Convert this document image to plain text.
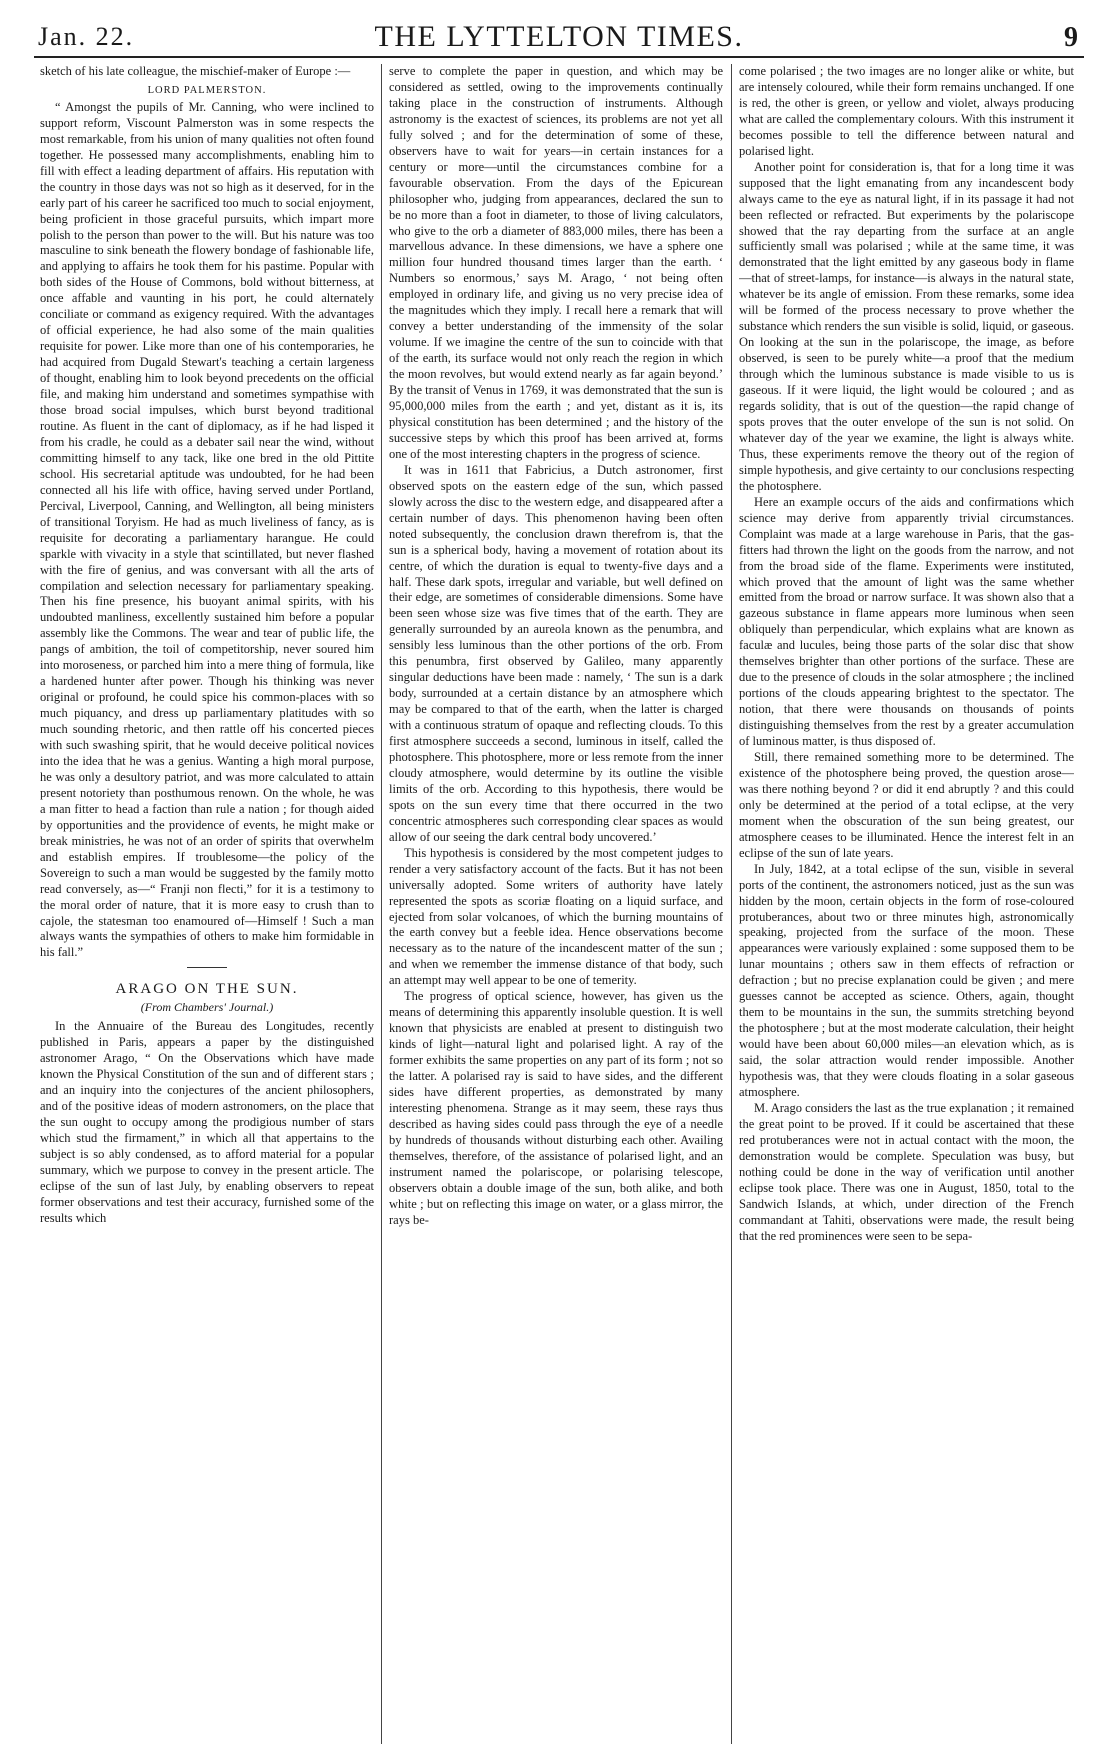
Jan. 22.	THE LYTTELTON TIMES.	9

sketch of his late colleague, the mischief-maker of Europe :—

LORD PALMERSTON.

“ Amongst the pupils of Mr. Canning, who were inclined to support reform, Viscount Palmerston was in some respects the most remarkable, from his union of many qualities not often found together. He possessed many accomplishments, enabling him to fill with effect a leading department of affairs. His reputation with the country in those days was not so high as it deserved, for in the early part of his career he sacrificed too much to social enjoyment, being proficient in those graceful pursuits, which impart more polish to the person than power to the will. But his nature was too masculine to sink beneath the flowery bondage of fashionable life, and applying to affairs he took them for his pastime. Popular with both sides of the House of Commons, bold without bitterness, at once affable and vaunting in his port, he could alternately conciliate or command as exigency required. With the advantages of official experience, he had also some of the main qualities requisite for power. Like more than one of his contemporaries, he had acquired from Dugald Stewart's teaching a certain largeness of thought, enabling him to look beyond precedents on the official file, and making him understand and sometimes sympathise with those broad social impulses, which burst beyond traditional routine. As fluent in the cant of diplomacy, as if he had lisped it from his cradle, he could as a debater sail near the wind, without committing himself to any tack, like one bred in the old Pittite school. His secretarial aptitude was undoubted, for he had been connected all his life with office, having served under Portland, Percival, Liverpool, Canning, and Wellington, all being ministers of transitional Toryism. He had as much liveliness of fancy, as is requisite for decorating a parliamentary harangue. He could sparkle with vivacity in a style that scintillated, but never flashed with the fire of genius, and was conversant with all the arts of compilation and selection necessary for parliamentary speaking. Then his fine presence, his buoyant animal spirits, with his undoubted manliness, excellently sustained him before a popular assembly like the Commons. The wear and tear of public life, the pangs of ambition, the toil of competitorship, never soured him into moroseness, or parched him into a mere thing of formula, like a hardened hunter after power. Though his thinking was never original or profound, he could spice his common-places with so much piquancy, and dress up parliamentary platitudes with so much sounding rhetoric, and then rattle off his concerted pieces with such swashing spirit, that he would deceive political novices into the idea that he was a genius. Wanting a high moral purpose, he was only a desultory patriot, and was more calculated to attain present notoriety than posthumous renown. On the whole, he was a man fitter to head a faction than rule a nation ; for though aided by opportunities and the providence of events, he might make or break ministries, he was not of an order of spirits that overwhelm and establish empires. If troublesome—the policy of the Sovereign to such a man would be suggested by the family motto read conversely, as—“ Franji non flecti,” for it is a testimony to the moral order of nature, that it is more easy to crush than to cajole, the statesman too enamoured of—Himself ! Such a man always wants the sympathies of others to make him formidable in his fall.”

ARAGO ON THE SUN.
(From Chambers' Journal.)

In the Annuaire of the Bureau des Longitudes, recently published in Paris, appears a paper by the distinguished astronomer Arago, “ On the Observations which have made known the Physical Constitution of the sun and of different stars ; and an inquiry into the conjectures of the ancient philosophers, and of the positive ideas of modern astronomers, on the place that the sun ought to occupy among the prodigious number of stars which stud the firmament,” in which all that appertains to the subject is so ably condensed, as to afford material for a popular summary, which we purpose to convey in the present article. The eclipse of the sun of last July, by enabling observers to repeat former observations and test their accuracy, furnished some of the results which

serve to complete the paper in question, and which may be considered as settled, owing to the improvements continually taking place in the construction of instruments. Although astronomy is the exactest of sciences, its problems are not yet all fully solved ; and for the determination of some of these, observers have to wait for years—in certain instances for a century or more—until the circumstances combine for a favourable observation. From the days of the Epicurean philosopher who, judging from appearances, declared the sun to be no more than a foot in diameter, to those of living calculators, who give to the orb a diameter of 883,000 miles, there has been a marvellous advance. In these dimensions, we have a sphere one million four hundred thousand times larger than the earth. ‘ Numbers so enormous,’ says M. Arago, ‘ not being often employed in ordinary life, and giving us no very precise idea of the magnitudes which they imply. I recall here a remark that will convey a better understanding of the immensity of the solar volume. If we imagine the centre of the sun to coincide with that of the earth, its surface would not only reach the region in which the moon revolves, but would extend nearly as far again beyond.’ By the transit of Venus in 1769, it was demonstrated that the sun is 95,000,000 miles from the earth ; and yet, distant as it is, its physical constitution has been determined ; and the history of the successive steps by which this proof has been arrived at, forms one of the most interesting chapters in the progress of science.

It was in 1611 that Fabricius, a Dutch astronomer, first observed spots on the eastern edge of the sun, which passed slowly across the disc to the western edge, and disappeared after a certain number of days. This phenomenon having been often noted subsequently, the conclusion drawn therefrom is, that the sun is a spherical body, having a movement of rotation about its centre, of which the duration is equal to twenty-five days and a half. These dark spots, irregular and variable, but well defined on their edge, are sometimes of considerable dimensions. Some have been seen whose size was five times that of the earth. They are generally surrounded by an aureola known as the penumbra, and sensibly less luminous than the other portions of the orb. From this penumbra, first observed by Galileo, many apparently singular deductions have been made : namely, ‘ The sun is a dark body, surrounded at a certain distance by an atmosphere which may be compared to that of the earth, when the latter is charged with a continuous stratum of opaque and reflecting clouds. To this first atmosphere succeeds a second, luminous in itself, called the photosphere. This photosphere, more or less remote from the inner cloudy atmosphere, would determine by its outline the visible limits of the orb. According to this hypothesis, there would be spots on the sun every time that there occurred in the two concentric atmospheres such corresponding clear spaces as would allow of our seeing the dark central body uncovered.’

This hypothesis is considered by the most competent judges to render a very satisfactory account of the facts. But it has not been universally adopted. Some writers of authority have lately represented the spots as scoriæ floating on a liquid surface, and ejected from solar volcanoes, of which the burning mountains of the earth convey but a feeble idea. Hence observations become necessary as to the nature of the incandescent matter of the sun ; and when we remember the immense distance of that body, such an attempt may well appear to be one of temerity.

The progress of optical science, however, has given us the means of determining this apparently insoluble question. It is well known that physicists are enabled at present to distinguish two kinds of light—natural light and polarised light. A ray of the former exhibits the same properties on any part of its form ; not so the latter. A polarised ray is said to have sides, and the different sides have different properties, as demonstrated by many interesting phenomena. Strange as it may seem, these rays thus described as having sides could pass through the eye of a needle by hundreds of thousands without disturbing each other. Availing themselves, therefore, of the assistance of polarised light, and an instrument named the polariscope, or polarising telescope, observers obtain a double image of the sun, both alike, and both white ; but on reflecting this image on water, or a glass mirror, the rays be-

come polarised ; the two images are no longer alike or white, but are intensely coloured, while their form remains unchanged. If one is red, the other is green, or yellow and violet, always producing what are called the complementary colours. With this instrument it becomes possible to tell the difference between natural and polarised light.

Another point for consideration is, that for a long time it was supposed that the light emanating from any incandescent body always came to the eye as natural light, if in its passage it had not been reflected or refracted. But experiments by the polariscope showed that the ray departing from the surface at an angle sufficiently small was polarised ; while at the same time, it was demonstrated that the light emitted by any gaseous body in flame—that of street-lamps, for instance—is always in the natural state, whatever be its angle of emission. From these remarks, some idea will be formed of the process necessary to prove whether the substance which renders the sun visible is solid, liquid, or gaseous. On looking at the sun in the polariscope, the image, as before observed, is seen to be purely white—a proof that the medium through which the luminous substance is made visible to us is gaseous. If it were liquid, the light would be coloured ; and as regards solidity, that is out of the question—the rapid change of spots proves that the outer envelope of the sun is not solid. On whatever day of the year we examine, the light is always white. Thus, these experiments remove the theory out of the region of simple hypothesis, and give certainty to our conclusions respecting the photosphere.

Here an example occurs of the aids and confirmations which science may derive from apparently trivial circumstances. Complaint was made at a large warehouse in Paris, that the gas-fitters had thrown the light on the goods from the narrow, and not from the broad side of the flame. Experiments were instituted, which proved that the amount of light was the same whether emitted from the broad or narrow surface. It was shown also that a gazeous substance in flame appears more luminous when seen obliquely than perpendicular, which explains what are known as faculæ and lucules, being those parts of the solar disc that show themselves brighter than other portions of the surface. These are due to the presence of clouds in the solar atmosphere ; the inclined portions of the clouds appearing brightest to the spectator. The notion, that there were thousands on thousands of points distinguishing themselves from the rest by a greater accumulation of luminous matter, is thus disposed of.

Still, there remained something more to be determined. The existence of the photosphere being proved, the question arose—was there nothing beyond ? or did it end abruptly ? and this could only be determined at the period of a total eclipse, at the very moment when the obscuration of the sun being greatest, our atmosphere ceases to be illuminated. Hence the interest felt in an eclipse of the sun of late years.

In July, 1842, at a total eclipse of the sun, visible in several ports of the continent, the astronomers noticed, just as the sun was hidden by the moon, certain objects in the form of rose-coloured protuberances, about two or three minutes high, astronomically speaking, projected from the surface of the moon. These appearances were variously explained : some supposed them to be lunar mountains ; others saw in them effects of refraction or defraction ; but no precise explanation could be given ; and mere guesses cannot be accepted as science. Others, again, thought them to be mountains in the sun, the summits stretching beyond the photosphere ; but at the most moderate calculation, their height would have been about 60,000 miles—an elevation which, as is said, the solar attraction would render impossible. Another hypothesis was, that they were clouds floating in a solar gaseous atmosphere.

M. Arago considers the last as the true explanation ; it remained the great point to be proved. If it could be ascertained that these red protuberances were not in actual contact with the moon, the demonstration would be complete. Speculation was busy, but nothing could be done in the way of verification until another eclipse took place. There was one in August, 1850, total to the Sandwich Islands, at which, under direction of the French commandant at Tahiti, observations were made, the result being that the red prominences were seen to be sepa-
